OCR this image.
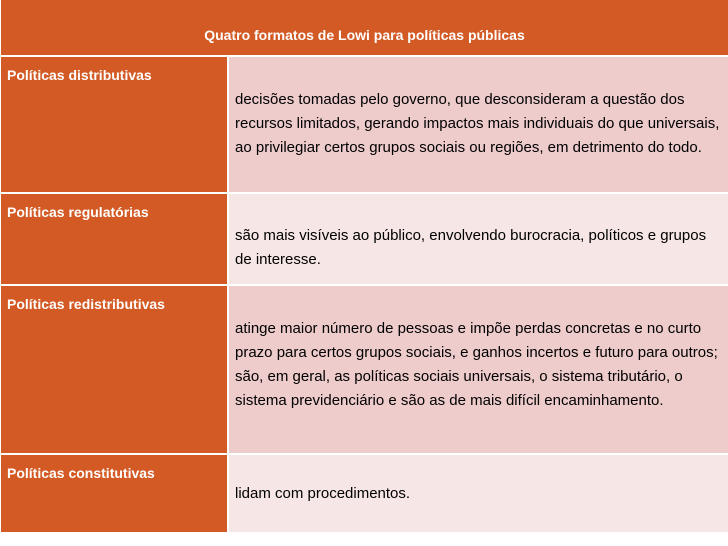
Quatro formatos de Lowi para políticas públicas
Políticas distributivas
decisões tomadas pelo governo, que desconsideram a questão dos recursos limitados, gerando impactos mais individuais do que universais, ao privilegiar certos grupos sociais ou regiões, em detrimento do todo.
Políticas regulatórias
são mais visíveis ao público, envolvendo burocracia, políticos e grupos de interesse.
Políticas redistributivas
atinge maior número de pessoas e impõe perdas concretas e no curto prazo para certos grupos sociais, e ganhos incertos e futuro para outros; são, em geral, as políticas sociais universais, o sistema tributário, o sistema previdenciário e são as de mais difícil encaminhamento.
Políticas constitutivas
lidam com procedimentos.
